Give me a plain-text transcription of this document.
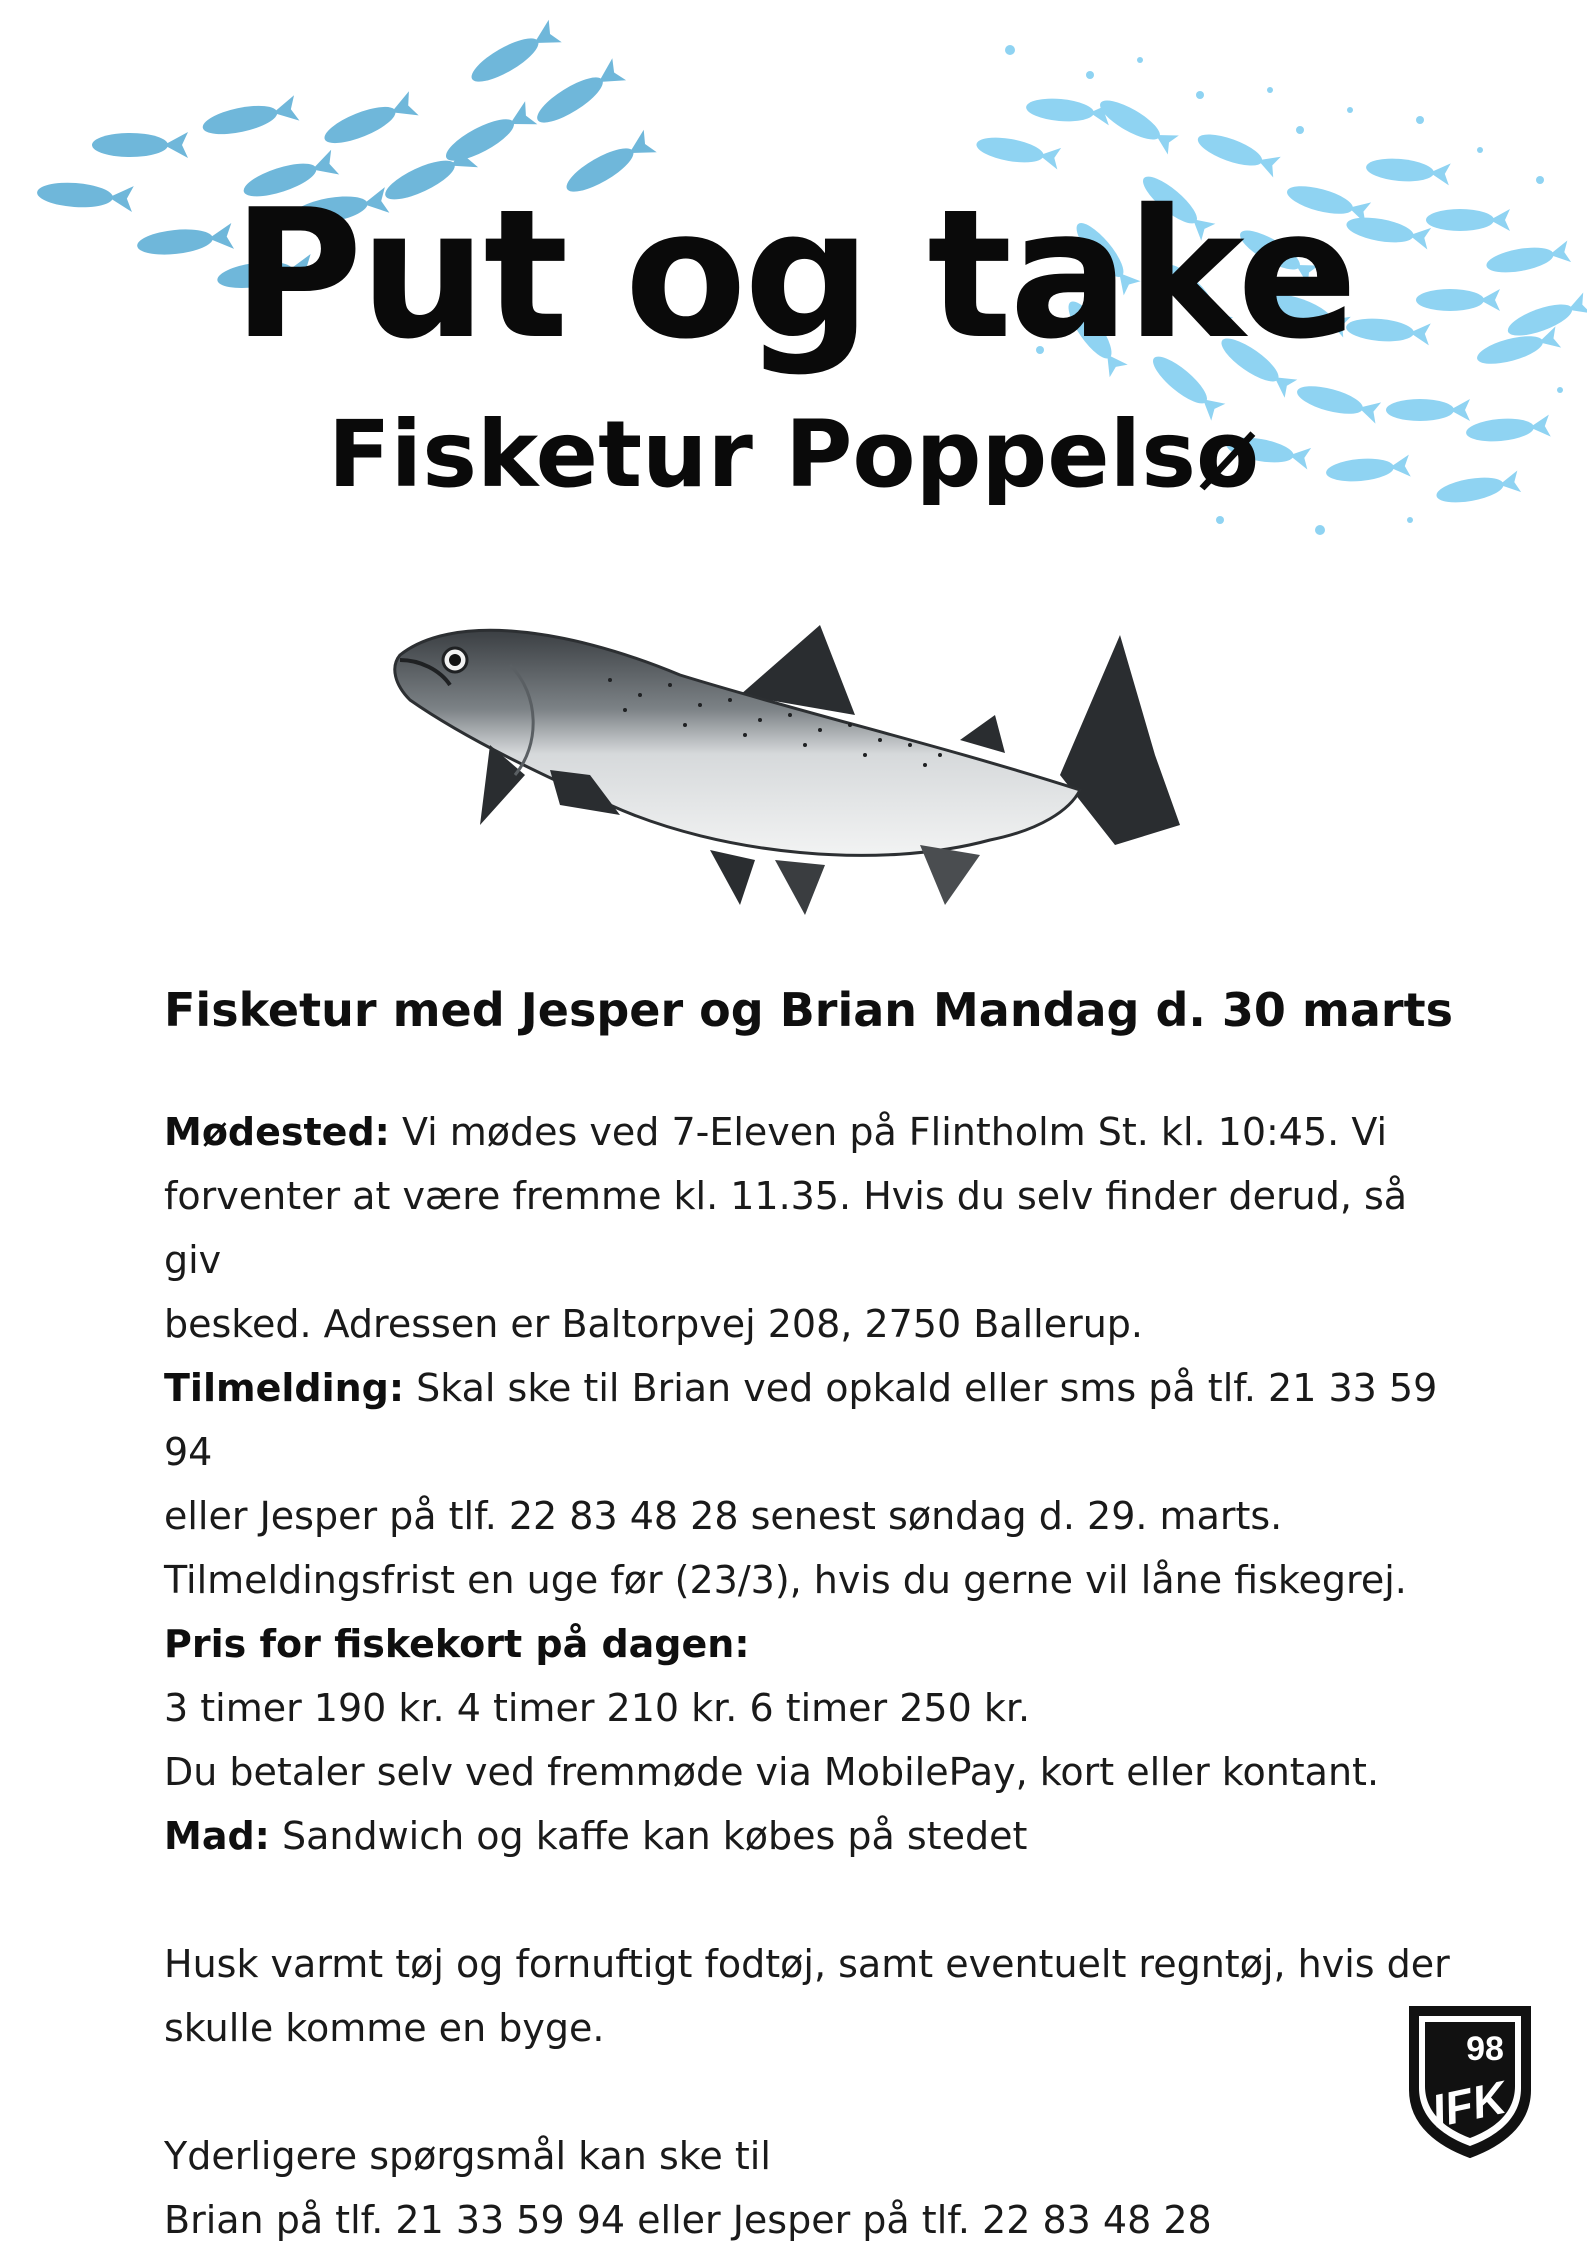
Put og take
Fisketur Poppelsø

Fisketur med Jesper og Brian Mandag d. 30 marts

Mødested: Vi mødes ved 7-Eleven på Flintholm St. kl. 10:45. Vi
forventer at være fremme kl. 11.35. Hvis du selv finder derud, så giv
besked. Adressen er Baltorpvej 208, 2750 Ballerup.

Tilmelding: Skal ske til Brian ved opkald eller sms på tlf. 21 33 59 94
eller Jesper på tlf. 22 83 48 28 senest søndag d. 29. marts.
Tilmeldingsfrist en uge før (23/3), hvis du gerne vil låne fiskegrej.

Pris for fiskekort på dagen:
3 timer 190 kr. 4 timer 210 kr. 6 timer 250 kr.
Du betaler selv ved fremmøde via MobilePay, kort eller kontant.

Mad: Sandwich og kaffe kan købes på stedet

Husk varmt tøj og fornuftigt fodtøj, samt eventuelt regntøj, hvis der
skulle komme en byge.

Yderligere spørgsmål kan ske til
Brian på tlf. 21 33 59 94 eller Jesper på tlf. 22 83 48 28

98
IFK
